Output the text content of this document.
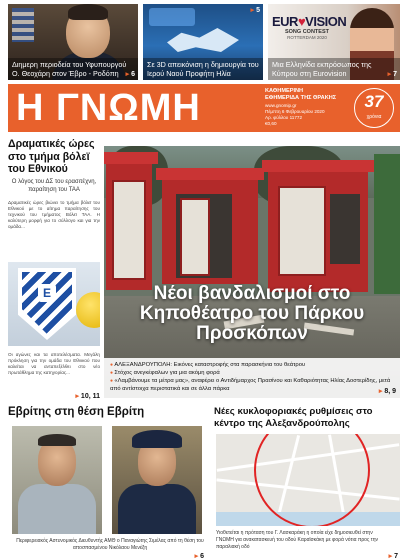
Διημερη περιοδεία του Υφυπουργού Ο. Θεοχάρη στον Έβρο - Ροδόπη ▸ 6
Σε 3D απεικόνιση η δημιουργία του Ιερού Ναού Προφήτη Ηλία
▸ 5
EUR♥VISION
SONG CONTEST
ROTTERDAM 2020
Μια Ελληνίδα εκπρόσωπος της Κύπρου στη Eurovision	▸ 7
Η ΓΝΩΜΗ	ΚΑΘΗΜΕΡΙΝΗ
ΕΦΗΜΕΡΙΔΑ ΤΗΣ ΘΡΑΚΗΣ
www.gnomip.gr
Πέμπτη 6 Φεβρουαρίου 2020
Αρ. φύλλου 11772
€0,60
37
χρόνια
Δραματικές ώρες στο τμήμα βόλεϊ του Εθνικού
Ο λόγος του ΔΣ του ερασιτέχνη, παραίτηση του ΤΑΑ
Δραματικές ώρες βιώνει το τμήμα βόλεϊ του Εθνικού με το αίτημα παραίτησης του τεχνικού του τμήματος Βόλεϊ ΤΑΑ. Η καλύτερη μορφή για το σύλλογο και για την ομάδα...
Ε
Οι αγώνες και τα αποτελέσματα. Μεγάλη πρόκληση για την ομάδα του Εθνικού που καλείται να ανταπεξέλθει στο νέο πρωτάθλημα της κατηγορίας...
▸ 10, 11
Νέοι βανδαλισμοί στο Κηποθέατρο του Πάρκου Προσκόπων
● ΑΛΕΞΑΝΔΡΟΥΠΟΛΗ: Εικόνες καταστροφής στα παρασκήνια του θεάτρου
● Στόχος ανεγκέφαλων για μια ακόμη φορά
● «Λαμβάνουμε τα μέτρα μας», αναφέρει ο Αντιδήμαρχος Πρασίνου και Καθαριότητας Ηλίας Δοστερίδης, μετά από αντίστοιχα περιστατικά και σε άλλα πάρκα	▸ 8, 9
Εβρίτης στη θέση Εβρίτη
Περιφερειακός Αστυνομικός Διευθυντής ΑΜΘ ο Παναγιώτης Σιμέλας από τη θέση του αποσπασμένου Νικόλαου Μενέξη
▸ 6
Νέες κυκλοφοριακές ρυθμίσεις στο κέντρο της Αλεξανδρούπολης
Υιοθετείται η πρόταση του Γ. Λασκαράκη η οποία είχε δημοσιευθεί στην ΓΝΩΜΗ για ανακατασκευή του οδού Καραϊσκάκη με φορά νότια προς την παραλιακή οδό
▸ 7
